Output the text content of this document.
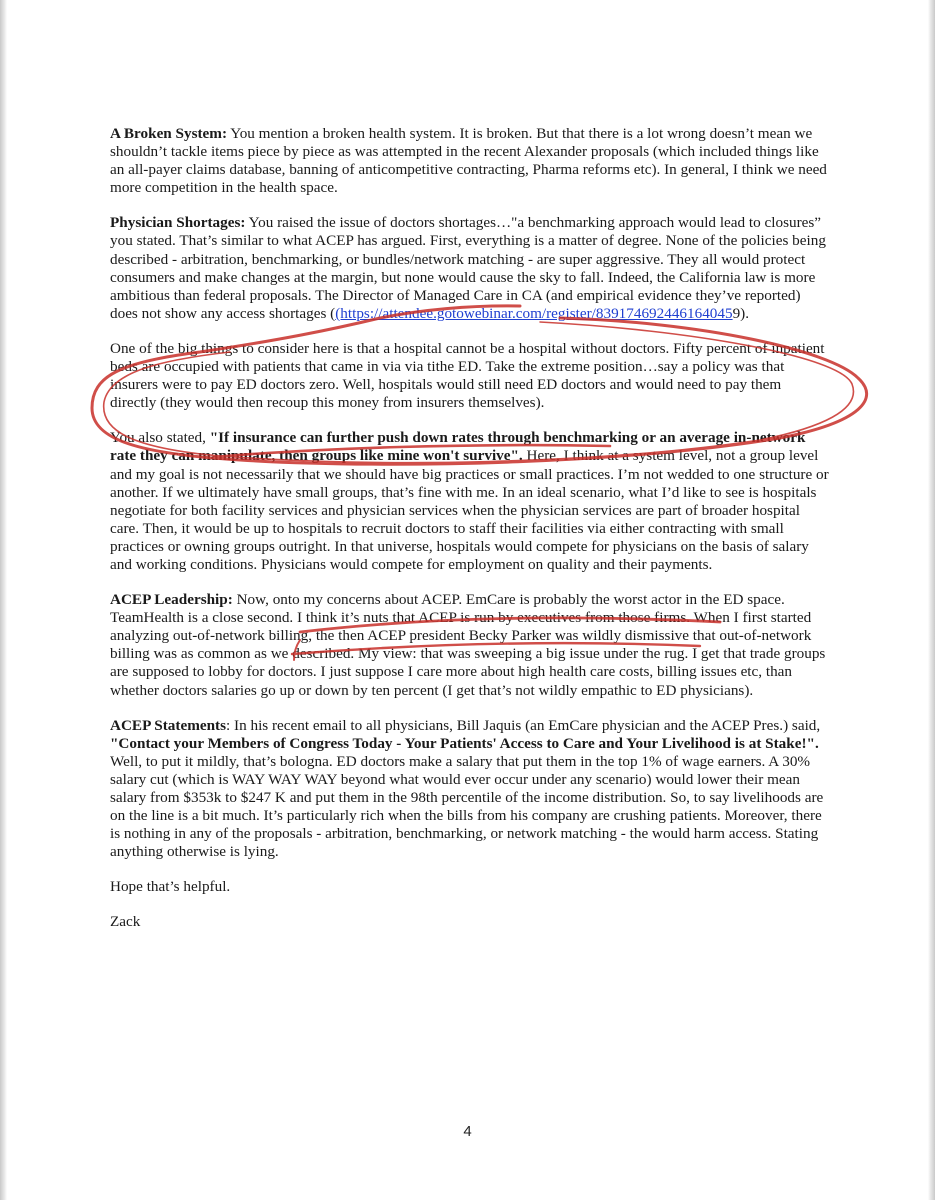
A Broken System: You mention a broken health system. It is broken. But that there is a lot wrong doesn’t mean we shouldn’t tackle items piece by piece as was attempted in the recent Alexander proposals (which included things like an all-payer claims database, banning of anticompetitive contracting, Pharma reforms etc). In general, I think we need more competition in the health space.

Physician Shortages: You raised the issue of doctors shortages…"a benchmarking approach would lead to closures” you stated. That’s similar to what ACEP has argued. First, everything is a matter of degree. None of the policies being described - arbitration, benchmarking, or bundles/network matching - are super aggressive. They all would protect consumers and make changes at the margin, but none would cause the sky to fall. Indeed, the California law is more ambitious than federal proposals. The Director of Managed Care in CA (and empirical evidence they’ve reported) does not show any access shortages ((https://attendee.gotowebinar.com/register/8391746924461640459).

One of the big things to consider here is that a hospital cannot be a hospital without doctors. Fifty percent of inpatient beds are occupied with patients that came in via via tithe ED. Take the extreme position…say a policy was that insurers were to pay ED doctors zero. Well, hospitals would still need ED doctors and would need to pay them directly (they would then recoup this money from insurers themselves).

You also stated, "If insurance can further push down rates through benchmarking or an average in-network rate they can manipulate, then groups like mine won't survive". Here, I think at a system level, not a group level and my goal is not necessarily that we should have big practices or small practices. I’m not wedded to one structure or another. If we ultimately have small groups, that’s fine with me. In an ideal scenario, what I’d like to see is hospitals negotiate for both facility services and physician services when the physician services are part of broader hospital care. Then, it would be up to hospitals to recruit doctors to staff their facilities via either contracting with small practices or owning groups outright. In that universe, hospitals would compete for physicians on the basis of salary and working conditions. Physicians would compete for employment on quality and their payments.

ACEP Leadership: Now, onto my concerns about ACEP. EmCare is probably the worst actor in the ED space. TeamHealth is a close second. I think it’s nuts that ACEP is run by executives from those firms. When I first started analyzing out-of-network billing, the then ACEP president Becky Parker was wildly dismissive that out-of-network billing was as common as we described. My view: that was sweeping a big issue under the rug. I get that trade groups are supposed to lobby for doctors. I just suppose I care more about high health care costs, billing issues etc, than whether doctors salaries go up or down by ten percent (I get that’s not wildly empathic to ED physicians).

ACEP Statements: In his recent email to all physicians, Bill Jaquis (an EmCare physician and the ACEP Pres.) said, "Contact your Members of Congress Today - Your Patients' Access to Care and Your Livelihood is at Stake!". Well, to put it mildly, that’s bologna. ED doctors make a salary that put them in the top 1% of wage earners. A 30% salary cut (which is WAY WAY WAY beyond what would ever occur under any scenario) would lower their mean salary from $353k to $247 K and put them in the 98th percentile of the income distribution. So, to say livelihoods are on the line is a bit much. It’s particularly rich when the bills from his company are crushing patients. Moreover, there is nothing in any of the proposals - arbitration, benchmarking, or network matching - the would harm access. Stating anything otherwise is lying.

Hope that’s helpful.

Zack

4
